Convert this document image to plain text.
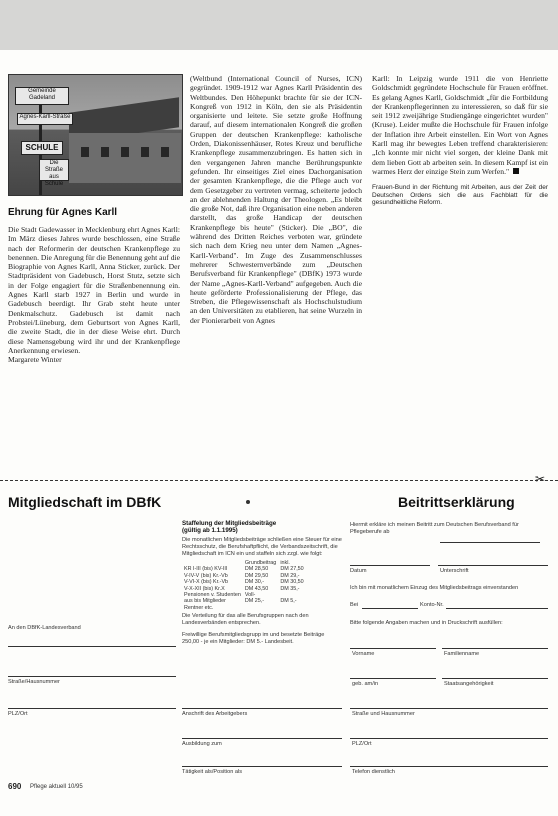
Gemeinde Gadeland
Agnes-Karll-Straße
SCHULE
Die Straße aus Schule
Ehrung für Agnes Karll

Die Stadt Gadewasser in Mecklenburg ehrt Agnes Karll: Im März dieses Jahres wurde beschlossen, eine Straße nach der Reformerin der deutschen Krankenpflege zu benennen. Die Anregung für die Benennung geht auf die Biographie von Agnes Karll, Anna Sticker, zurück. Der Stadtpräsident von Gadebusch, Horst Stutz, setzte sich in der Folge engagiert für die Straßenbenennung ein. Agnes Karll starb 1927 in Berlin und wurde in Gadebusch beerdigt. Ihr Grab steht heute unter Denkmalschutz. Gadebusch ist damit nach Probstei/Lüneburg, dem Geburtsort von Agnes Karll, die zweite Stadt, die in der diese Weise ehrt. Durch diese Namensgebung wird ihr und der Krankenpflege Anerkennung erwiesen.

Margarete Winter

(Weltbund (International Council of Nurses, ICN) gegründet. 1909-1912 war Agnes Karll Präsidentin des Weltbundes. Den Höhepunkt brachte für sie der ICN-Kongreß von 1912 in Köln, den sie als Präsidentin organisierte und leitete. Sie setzte große Hoffnung darauf, auf diesem internationalen Kongreß die großen Gruppen der deutschen Krankenpflege: katholische Orden, Diakonissenhäuser, Rotes Kreuz und berufliche Krankenpflege zusammenzubringen. Es hatten sich in den vergangenen Jahren manche Berührungspunkte gefunden. Ihr einseitiges Ziel eines Dachorganisation der gesamten Krankenpflege, die die Pflege auch vor dem Gesetzgeber zu vertreten vermag, scheiterte jedoch an der ablehnenden Haltung der Theologen. „Es bleibt die große Not, daß ihre Organisation eine neben anderen darstellt, das große Handicap der deutschen Krankenpflege bis heute" (Sticker). Die „BO", die während des Dritten Reiches verboten war, gründete sich nach dem Krieg neu unter dem Namen „Agnes-Karll-Verband". Im Zuge des Zusammenschlusses mehrerer Schwesternverbände zum „Deutschen Berufsverband für Krankenpflege" (DBfK) 1973 wurde der Name „Agnes-Karll-Verband" aufgegeben. Auch die heute geförderte Professionalisierung der Pflege, das Streben, die Pflegewissenschaft als Hochschulstudium an den Universitäten zu etablieren, hat seine Wurzeln in der Pionierarbeit von Agnes

Karll: In Leipzig wurde 1911 die von Henriette Goldschmidt gegründete Hochschule für Frauen eröffnet. Es gelang Agnes Karll, Goldschmidt „für die Fortbildung der Krankenpflegerinnen zu interessieren, so daß für sie seit 1912 zweijährige Studiengänge eingerichtet wurden" (Kruse). Leider mußte die Hochschule für Frauen infolge der Inflation ihre Arbeit einstellen. Ein Wort von Agnes Karll mag ihr bewegtes Leben treffend charakterisieren: „Ich konnte mir nicht viel sorgen, der kleine Dank mit dem lieben Gott ab arbeiten sein. In diesem Kampf ist ein warmes Herz der einzige Stein zum Werfen."

Frauen-Bund in der Richtung mit Arbeiten, aus der Zeit der Deutschen Ordens sich die aus Fachblatt für die gesundheitliche Reform.

✂
Mitgliedschaft im DBfK	Beitrittserklärung
An den DBfK-Landesverband
Straße/Hausnummer
PLZ/Ort
Staffelung der Mitgliedsbeiträge
(gültig ab 1.1.1995)
Die monatlichen Mitgliedsbeiträge schließen eine Steuer für eine Rechtsschutz, die Berufshaftpflicht, die Verbandszeitschrift, die Mitgliedschaft im ICN ein und staffeln sich zzgl. wie folgt:
	Grundbeitrag	inkl.
KR I-III (bis) KV-III	DM 28,50	DM 27,50
V-IV-V (bis) Kr.-Vb	DM 29,50	DM 29,-
V-VI-X (bis) Kr.-Vb	DM 30,-	DM 30,50
V-X-XII (bis) Kr.X	DM 43,50	DM 35,-
Pensionen v. Studenten	Voll-	
aus bis Mitglieder	DM 25,-	DM 5,-
Rentner etc.		
Die Verteilung für das alle Berufsgruppen nach den Landesverbänden entsprechen.
Freiwillige Berufsmitgliedsgrupp im und besetzte Beiträge 250,00 - je ein Mitglieder: DM 5.- Landesbeit.
Anschrift des Arbeitgebers
Ausbildung zum
Tätigkeit als/Position als
Hiermit erkläre ich meinen Beitritt zum Deutschen Berufsverband für Pflegeberufe ab
Datum	Unterschrift
Ich bin mit monatlichem Einzug des Mitgliedsbeitrags einverstanden
Bei	Konto-Nr.
Bitte folgende Angaben machen und in Druckschrift ausfüllen:
Vorname	Familienname
geb. am/in	Staatsangehörigkeit
Straße und Hausnummer
PLZ/Ort
Telefon dienstlich
690 Pflege aktuell 10/95
